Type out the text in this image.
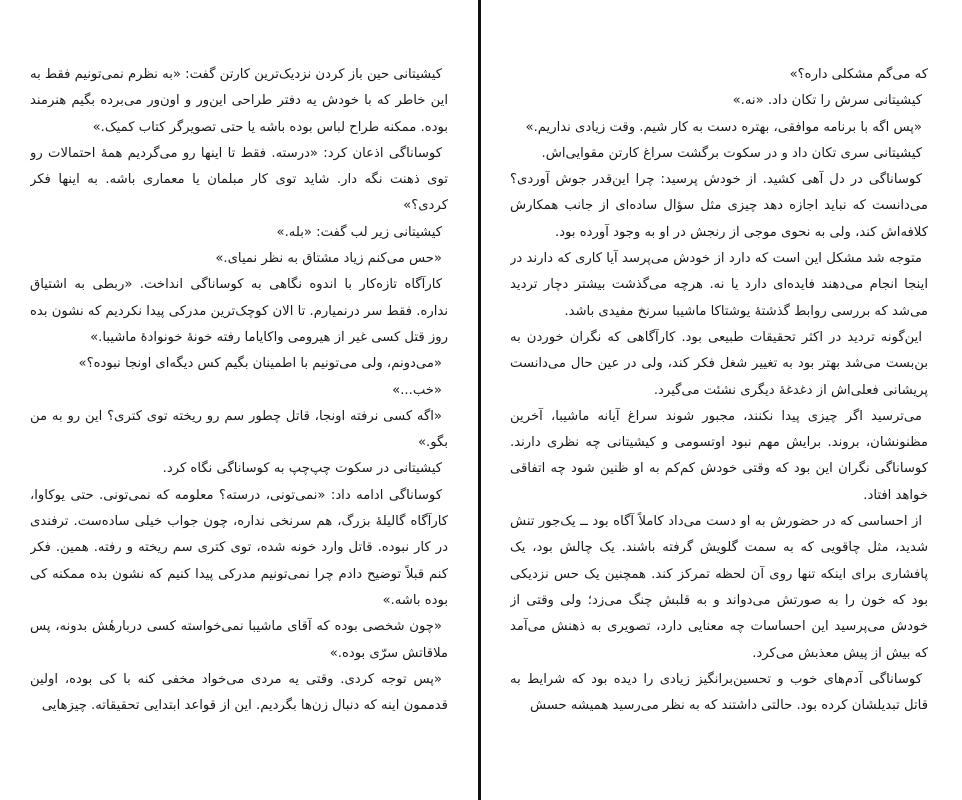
کیشیتانی حین باز کردن نزدیک‌ترین کارتن گفت: «به نظرم نمی‌تونیم فقط به این خاطر که با خودش یه دفتر طراحی این‌ور و اون‌ور می‌برده بگیم هنرمند بوده. ممکنه طراح لباس بوده باشه یا حتی تصویرگر کتاب کمیک.»

کوساناگی اذعان کرد: «درسته. فقط تا اینها رو می‌گردیم همهٔ احتمالات رو توی ذهنت نگه دار. شاید توی کار مبلمان یا معماری باشه. به اینها فکر کردی؟»

کیشیتانی زیر لب گفت: «بله.»

«حس می‌کنم زیاد مشتاق به نظر نمیای.»

کارآگاه تازه‌کار با اندوه نگاهی به کوساناگی انداخت. «ربطی به اشتیاق نداره. فقط سر درنمیارم. تا الان کوچک‌ترین مدرکی پیدا نکردیم که نشون بده روز قتل کسی غیر از هیرومی واکایاما رفته خونهٔ خونوادهٔ ماشیبا.»

«می‌دونم، ولی می‌تونیم با اطمینان بگیم کس دیگه‌ای اونجا نبوده؟»

«خب...»

«اگه کسی نرفته اونجا، قاتل چطور سم رو ریخته توی کتری؟ این رو به من بگو.»

کیشیتانی در سکوت چپ‌چپ به کوساناگی نگاه کرد.

کوساناگی ادامه داد: «نمی‌تونی، درسته؟ معلومه که نمی‌تونی. حتی یوکاوا، کارآگاه گالیلهٔ بزرگ، هم سرنخی نداره، چون جواب خیلی ساده‌ست. ترفندی در کار نبوده. قاتل وارد خونه شده، توی کتری سم ریخته و رفته. همین. فکر کنم قبلاً توضیح دادم چرا نمی‌تونیم مدرکی پیدا کنیم که نشون بده ممکنه کی بوده باشه.»

«چون شخصی بوده که آقای ماشیبا نمی‌خواسته کسی دربارهٔش بدونه، پس ملاقاتش سرّی بوده.»

«پس توجه کردی. وقتی یه مردی می‌خواد مخفی کنه با کی بوده، اولین قدممون اینه که دنبال زن‌ها بگردیم. این از قواعد ابتدایی تحقیقاته. چیزهایی

که می‌گم مشکلی داره؟»

کیشیتانی سرش را تکان داد. «نه.»

«پس اگه با برنامه موافقی، بهتره دست به کار شیم. وقت زیادی نداریم.»

کیشیتانی سری تکان داد و در سکوت برگشت سراغ کارتن مقوایی‌اش.

کوساناگی در دل آهی کشید. از خودش پرسید: چرا این‌قدر جوش آوردی؟ می‌دانست که نباید اجازه دهد چیزی مثل سؤال ساده‌ای از جانب همکارش کلافه‌اش کند، ولی به نحوی موجی از رنجش در او به وجود آورده بود.

متوجه شد مشکل این است که دارد از خودش می‌پرسد آیا کاری که دارند در اینجا انجام می‌دهند فایده‌ای دارد یا نه. هرچه می‌گذشت بیشتر دچار تردید می‌شد که بررسی روابط گذشتهٔ یوشتاکا ماشیبا سرنخ مفیدی باشد.

این‌گونه تردید در اکثر تحقیقات طبیعی بود. کارآگاهی که نگران خوردن به بن‌بست می‌شد بهتر بود به تغییر شغل فکر کند، ولی در عین حال می‌دانست پریشانی فعلی‌اش از دغدغهٔ دیگری نشئت می‌گیرد.

می‌ترسید اگر چیزی پیدا نکنند، مجبور شوند سراغ آیانه ماشیبا، آخرین مظنونشان، بروند. برایش مهم نبود اوتسومی و کیشیتانی چه نظری دارند. کوساناگی نگران این بود که وقتی خودش کم‌کم به او ظنین شود چه اتفاقی خواهد افتاد.

از احساسی که در حضورش به او دست می‌داد کاملاً آگاه بود ــ یک‌جور تنش شدید، مثل چاقویی که به سمت گلویش گرفته باشند. یک چالش بود، یک پافشاری برای اینکه تنها روی آن لحظه تمرکز کند. همچنین یک حس نزدیکی بود که خون را به صورتش می‌دواند و به قلبش چنگ می‌زد؛ ولی وقتی از خودش می‌پرسید این احساسات چه معنایی دارد، تصویری به ذهنش می‌آمد که بیش از پیش معذبش می‌کرد.

کوساناگی آدم‌های خوب و تحسین‌برانگیز زیادی را دیده بود که شرایط به قاتل تبدیلشان کرده بود. حالتی داشتند که به نظر می‌رسید همیشه حسش
